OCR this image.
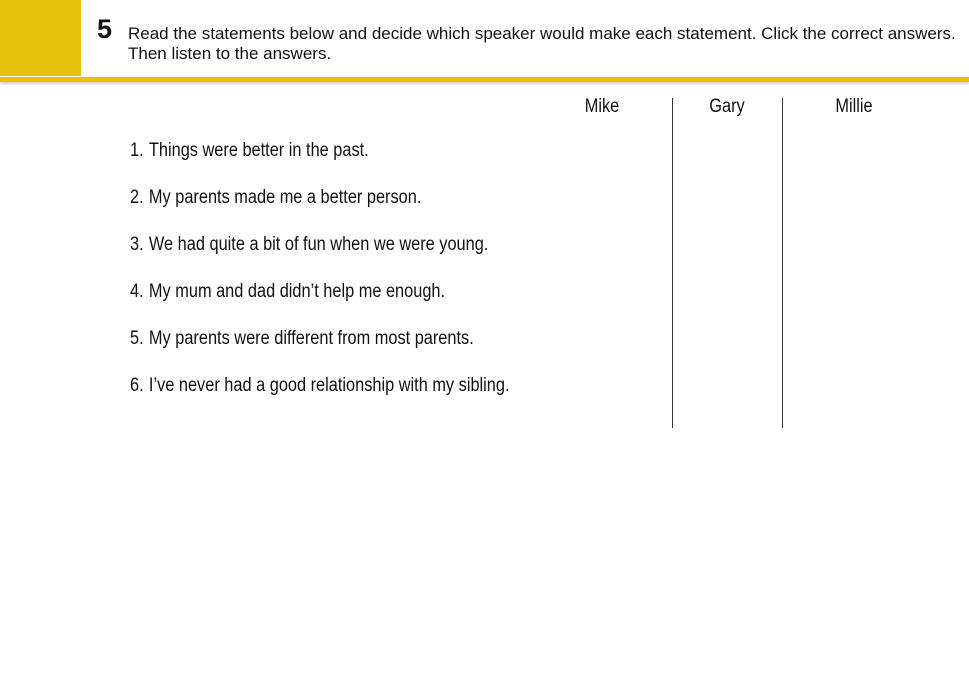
5 Read the statements below and decide which speaker would make each statement. Click the correct answers. Then listen to the answers.
Mike	Gary	Millie
1. Things were better in the past.
2. My parents made me a better person.
3. We had quite a bit of fun when we were young.
4. My mum and dad didn’t help me enough.
5. My parents were different from most parents.
6. I’ve never had a good relationship with my sibling.
